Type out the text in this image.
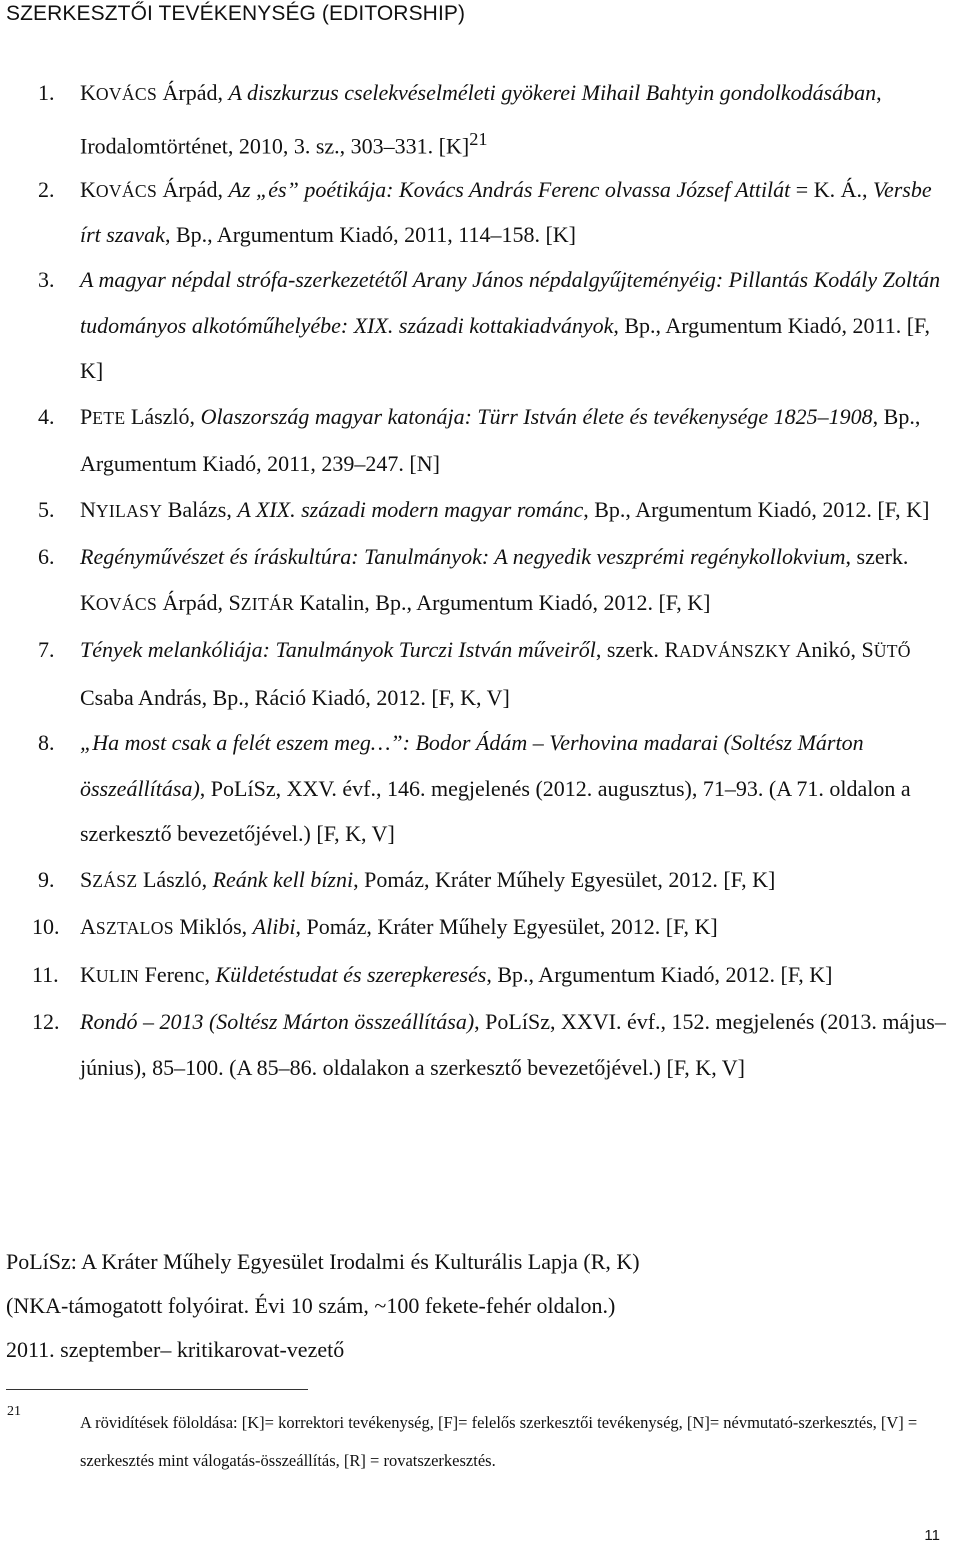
SZERKESZTŐI TEVÉKENYSÉG (EDITORSHIP)
1. KOVÁCS Árpád, A diszkurzus cselekvéselméleti gyökerei Mihail Bahtyin gondolkodásában, Irodalomtörténet, 2010, 3. sz., 303–331. $[K]^{21}$
2. KOVÁCS Árpád, Az „és” poétikája: Kovács András Ferenc olvassa József Attilát = K. Á., Versbe írt szavak, Bp., Argumentum Kiadó, 2011, 114–158. [K]
3. A magyar népdal strófa-szerkezetétől Arany János népdalgyűjteményéig: Pillantás Kodály Zoltán tudományos alkotóműhelyébe: XIX. századi kottakiadványok, Bp., Argumentum Kiadó, 2011. [F, K]
4. PETE László, Olaszország magyar katonája: Türr István élete és tevékenysége 1825–1908, Bp., Argumentum Kiadó, 2011, 239–247. [N]
5. NYILASY Balázs, A XIX. századi modern magyar románc, Bp., Argumentum Kiadó, 2012. [F, K]
6. Regényművészet és íráskultúra: Tanulmányok: A negyedik veszprémi regénykollokvium, szerk. KOVÁCS Árpád, SZITÁR Katalin, Bp., Argumentum Kiadó, 2012. [F, K]
7. Tények melankóliája: Tanulmányok Turczi István műveiről, szerk. RADVÁNSZKY Anikó, SÜTŐ Csaba András, Bp., Ráció Kiadó, 2012. [F, K, V]
8. „Ha most csak a felét eszem meg…”: Bodor Ádám – Verhovina madarai (Soltész Márton összeállítása), PoLíSz, XXV. évf., 146. megjelenés (2012. augusztus), 71–93. (A 71. oldalon a szerkesztő bevezetőjével.) [F, K, V]
9. SZÁSZ László, Reánk kell bízni, Pomáz, Kráter Műhely Egyesület, 2012. [F, K]
10. ASZTALOS Miklós, Alibi, Pomáz, Kráter Műhely Egyesület, 2012. [F, K]
11. KULIN Ferenc, Küldetéstudat és szerepkeresés, Bp., Argumentum Kiadó, 2012. [F, K]
12. Rondó – 2013 (Soltész Márton összeállítása), PoLíSz, XXVI. évf., 152. megjelenés (2013. május–június), 85–100. (A 85–86. oldalakon a szerkesztő bevezetőjével.) [F, K, V]
PoLíSz: A Kráter Műhely Egyesület Irodalmi és Kulturális Lapja (R, K)
(NKA-támogatott folyóirat. Évi 10 szám, ~100 fekete-fehér oldalon.)
2011. szeptember– kritikarovat-vezető
21
A rövidítések föloldása: [K]= korrektori tevékenység, [F]= felelős szerkesztői tevékenység, [N]= névmutató-szerkesztés, [V] = szerkesztés mint válogatás-összeállítás, [R] = rovatszerkesztés.
11
